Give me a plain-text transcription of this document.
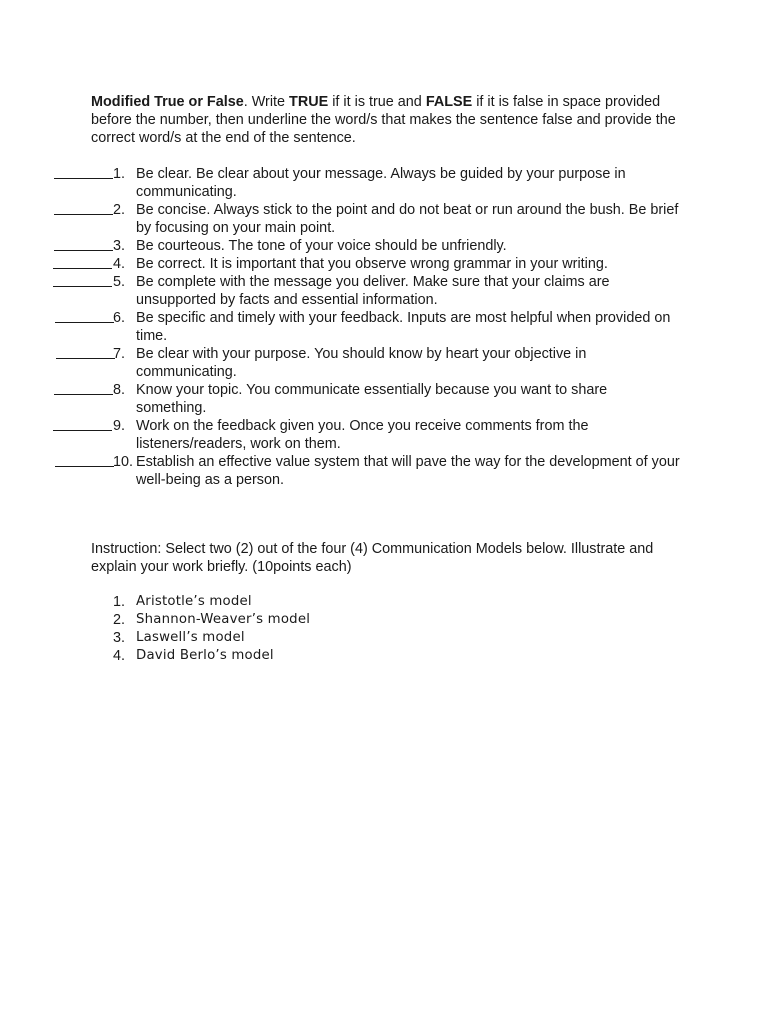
Modified True or False. Write TRUE if it is true and FALSE if it is false in space provided before the number, then underline the word/s that makes the sentence false and provide the correct word/s at the end of the sentence.
1. Be clear. Be clear about your message. Always be guided by your purpose in communicating.
2. Be concise. Always stick to the point and do not beat or run around the bush. Be brief by focusing on your main point.
3. Be courteous. The tone of your voice should be unfriendly.
4. Be correct. It is important that you observe wrong grammar in your writing.
5. Be complete with the message you deliver. Make sure that your claims are unsupported by facts and essential information.
6. Be specific and timely with your feedback. Inputs are most helpful when provided on time.
7. Be clear with your purpose. You should know by heart your objective in communicating.
8. Know your topic. You communicate essentially because you want to share something.
9. Work on the feedback given you. Once you receive comments from the listeners/readers, work on them.
10. Establish an effective value system that will pave the way for the development of your well-being as a person.
Instruction: Select two (2) out of the four (4) Communication Models below. Illustrate and explain your work briefly. (10points each)
1. Aristotle’s model
2. Shannon-Weaver’s model
3. Laswell’s model
4. David Berlo’s model
